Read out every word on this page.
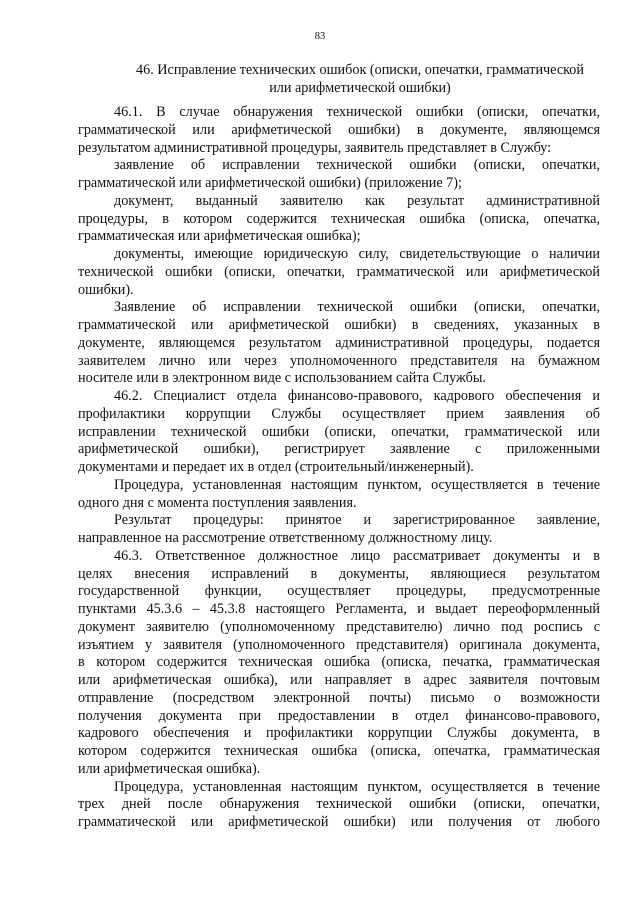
83
46. Исправление технических ошибок (описки, опечатки, грамматической
или арифметической ошибки)
46.1. В случае обнаружения технической ошибки (описки, опечатки,
грамматической или арифметической ошибки) в документе, являющемся
результатом административной процедуры, заявитель представляет в Службу:
заявление об исправлении технической ошибки (описки, опечатки,
грамматической или арифметической ошибки) (приложение 7);
документ, выданный заявителю как результат административной
процедуры, в котором содержится техническая ошибка (описка, опечатка,
грамматическая или арифметическая ошибка);
документы, имеющие юридическую силу, свидетельствующие о наличии
технической ошибки (описки, опечатки, грамматической или арифметической
ошибки).
Заявление об исправлении технической ошибки (описки, опечатки,
грамматической или арифметической ошибки) в сведениях, указанных в
документе, являющемся результатом административной процедуры, подается
заявителем лично или через уполномоченного представителя на бумажном
носителе или в электронном виде с использованием сайта Службы.
46.2. Специалист отдела финансово-правового, кадрового обеспечения и
профилактики коррупции Службы осуществляет прием заявления об
исправлении технической ошибки (описки, опечатки, грамматической или
арифметической ошибки), регистрирует заявление с приложенными
документами и передает их в отдел (строительный/инженерный).
Процедура, установленная настоящим пунктом, осуществляется в течение
одного дня с момента поступления заявления.
Результат процедуры: принятое и зарегистрированное заявление,
направленное на рассмотрение ответственному должностному лицу.
46.3. Ответственное должностное лицо рассматривает документы и в
целях внесения исправлений в документы, являющиеся результатом
государственной функции, осуществляет процедуры, предусмотренные
пунктами 45.3.6 – 45.3.8 настоящего Регламента, и выдает переоформленный
документ заявителю (уполномоченному представителю) лично под роспись с
изъятием у заявителя (уполномоченного представителя) оригинала документа,
в котором содержится техническая ошибка (описка, печатка, грамматическая
или арифметическая ошибка), или направляет в адрес заявителя почтовым
отправление (посредством электронной почты) письмо о возможности
получения документа при предоставлении в отдел финансово-правового,
кадрового обеспечения и профилактики коррупции Службы документа, в
котором содержится техническая ошибка (описка, опечатка, грамматическая
или арифметическая ошибка).
Процедура, установленная настоящим пунктом, осуществляется в течение
трех дней после обнаружения технической ошибки (описки, опечатки,
грамматической или арифметической ошибки) или получения от любого
